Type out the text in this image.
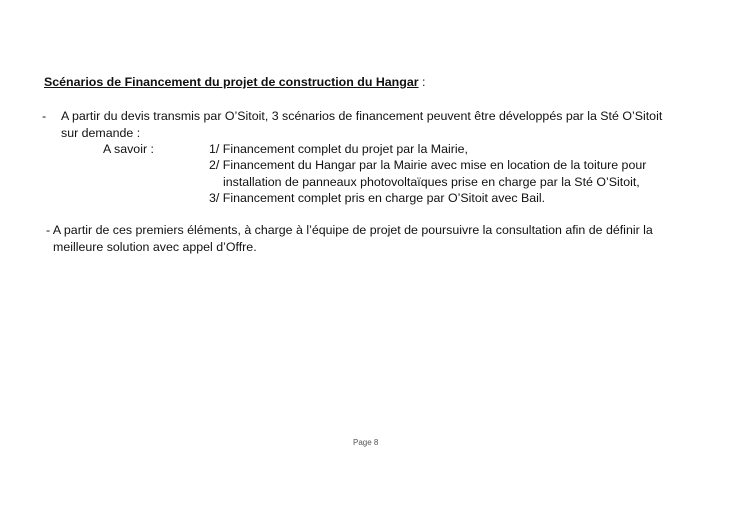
Scénarios de Financement du projet de construction du Hangar :
- A partir du devis transmis par O’Sitoit, 3 scénarios de financement peuvent être développés par la Sté O’Sitoit
sur demande :
A savoir :	1/ Financement complet du projet par la Mairie,
2/ Financement du Hangar par la Mairie avec mise en location de la toiture pour
installation de panneaux photovoltaïques prise en charge par la Sté O’Sitoit,
3/ Financement complet pris en charge par O’Sitoit avec Bail.
- A partir de ces premiers éléments, à charge à l’équipe de projet de poursuivre la consultation afin de définir la
meilleure solution avec appel d’Offre.
Page 8
